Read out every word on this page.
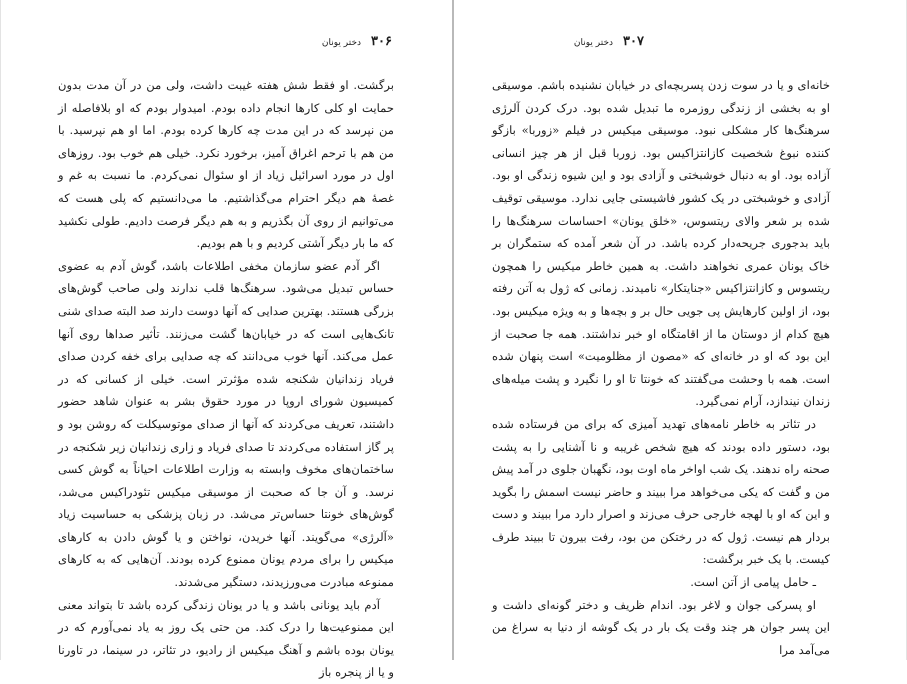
۳۰۶
دختر یونان

برگشت. او فقط شش هفته غیبت داشت، ولی من در آن مدت بدون حمایت او کلی کارها انجام داده بودم. امیدوار بودم که او بلافاصله از من نپرسد که در این مدت چه کارها کرده بودم. اما او هم نپرسید. با من هم با ترحم اغراق آمیز، برخورد نکرد. خیلی هم خوب بود. روزهای اول در مورد اسرائیل زیاد از او سئوال نمی‌کردم. ما نسبت به غم و غصهٔ هم دیگر احترام می‌گذاشتیم. ما می‌دانستیم که پلی هست که می‌توانیم از روی آن بگذریم و به هم دیگر فرصت دادیم. طولی نکشید که ما بار دیگر آشتی کردیم و با هم بودیم.

اگر آدم عضو سازمان مخفی اطلاعات باشد، گوش آدم به عضوی حساس تبدیل می‌شود. سرهنگ‌ها قلب ندارند ولی صاحب گوش‌های بزرگی هستند. بهترین صدایی که آنها دوست دارند صد البته صدای شنی تانک‌هایی است که در خیابان‌ها گشت می‌زنند. تأثیر صداها روی آنها عمل می‌کند. آنها خوب می‌دانند که چه صدایی برای خفه کردن صدای فریاد زندانیان شکنجه شده مؤثرتر است. خیلی از کسانی که در کمیسیون شورای اروپا در مورد حقوق بشر به عنوان شاهد حضور داشتند، تعریف می‌کردند که آنها از صدای موتوسیکلت که روشن بود و پر گاز استفاده می‌کردند تا صدای فریاد و زاری زندانیان زیر شکنجه در ساختمان‌های مخوف وابسته به وزارت اطلاعات احیاناً به گوش کسی نرسد. و آن جا که صحبت از موسیقی میکیس تئودراکیس می‌شد، گوش‌های خونتا حساس‌تر می‌شد. در زبان پزشکی به حساسیت زیاد «آلرژی» می‌گویند. آنها خریدن، نواختن و یا گوش دادن به کارهای میکیس را برای مردم یونان ممنوع کرده بودند. آن‌هایی که به کارهای ممنوعه مبادرت می‌ورزیدند، دستگیر می‌شدند.

آدم باید یونانی باشد و یا در یونان زندگی کرده باشد تا بتواند معنی این ممنوعیت‌ها را درک کند. من حتی یک روز به یاد نمی‌آورم که در یونان بوده باشم و آهنگ میکیس از رادیو، در تئاتر، در سینما، در تاورنا و یا از پنجره باز

۳۰۷
دختر یونان

خانه‌ای و یا در سوت زدن پسربچه‌ای در خیابان نشنیده باشم. موسیقی او به بخشی از زندگی روزمره ما تبدیل شده بود. درک کردن آلرژی سرهنگ‌ها کار مشکلی نبود. موسیقی میکیس در فیلم «زوربا» بازگو کننده نبوغ شخصیت کازانتزاکیس بود. زوربا قبل از هر چیز انسانی آزاده بود. او به دنبال خوشبختی و آزادی بود و این شیوه زندگی او بود. آزادی و خوشبختی در یک کشور فاشیستی جایی ندارد. موسیقی توقیف شده بر شعر والای ریتسوس، «خلق یونان» احساسات سرهنگ‌ها را باید بدجوری جریحه‌دار کرده باشد. در آن شعر آمده که ستمگران بر خاک یونان عمری نخواهند داشت. به همین خاطر میکیس را همچون ریتسوس و کازانتزاکیس «جنایتکار» نامیدند. زمانی که ژول به آتن رفته بود، از اولین کارهایش پی جویی حال بر و بچه‌ها و به ویژه میکیس بود. هیچ کدام از دوستان ما از اقامتگاه او خبر نداشتند. همه جا صحبت از این بود که او در خانه‌ای که «مصون از مظلومیت» است پنهان شده است. همه با وحشت می‌گفتند که خونتا تا او را نگیرد و پشت میله‌های زندان نیندازد، آرام نمی‌گیرد.

در تئاتر به خاطر نامه‌های تهدید آمیزی که برای من فرستاده شده بود، دستور داده بودند که هیچ شخص غریبه و نا آشنایی را به پشت صحنه راه ندهند. یک شب اواخر ماه اوت بود، نگهبان جلوی در آمد پیش من و گفت که یکی می‌خواهد مرا ببیند و حاضر نیست اسمش را بگوید و این که او با لهجه خارجی حرف می‌زند و اصرار دارد مرا ببیند و دست بردار هم نیست. ژول که در رختکن من بود، رفت بیرون تا ببیند طرف کیست. با یک خبر برگشت:

ـ حامل پیامی از آتن است.

او پسرکی جوان و لاغر بود. اندام ظریف و دختر گونه‌ای داشت و این پسر جوان هر چند وقت یک بار در یک گوشه از دنیا به سراغ من می‌آمد مرا
